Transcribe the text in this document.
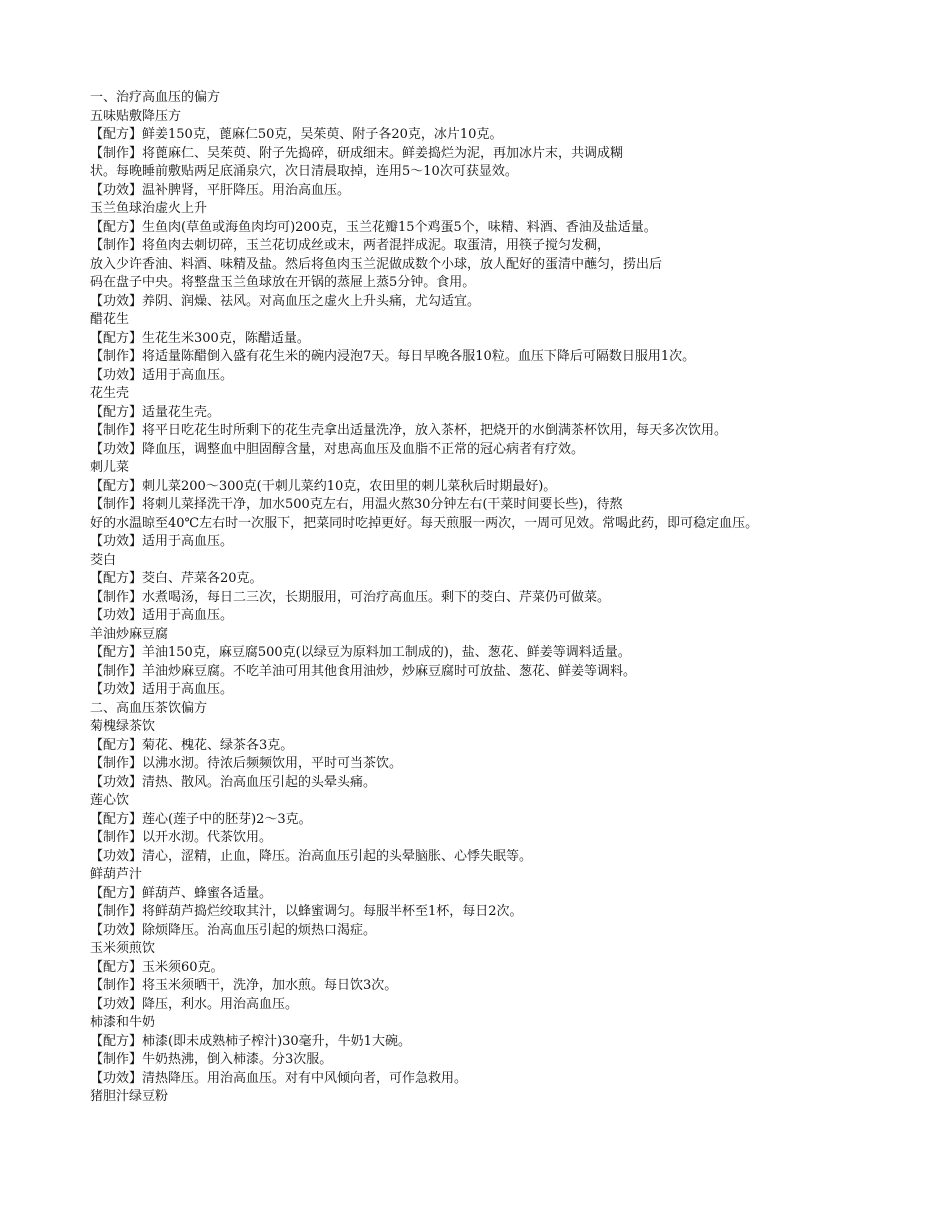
一、治疗高血压的偏方
五味贴敷降压方
【配方】鲜姜150克，蓖麻仁50克，吴茱萸、附子各20克，冰片10克。
【制作】将蓖麻仁、吴茱萸、附子先捣碎，研成细末。鲜姜捣烂为泥，再加冰片末，共调成糊
状。每晚睡前敷贴两足底涌泉穴，次日清晨取掉，连用5～10次可获显效。
【功效】温补脾肾，平肝降压。用治高血压。
玉兰鱼球治虚火上升
【配方】生鱼肉(草鱼或海鱼肉均可)200克，玉兰花瓣15个鸡蛋5个，味精、料酒、香油及盐适量。
【制作】将鱼肉去刺切碎，玉兰花切成丝或末，两者混拌成泥。取蛋清，用筷子搅匀发稠，
放入少许香油、料酒、味精及盐。然后将鱼肉玉兰泥做成数个小球，放人配好的蛋清中蘸匀，捞出后
码在盘子中央。将整盘玉兰鱼球放在开锅的蒸屉上蒸5分钟。食用。
【功效】养阴、润燥、祛风。对高血压之虚火上升头痛，尤勾适宜。
醋花生
【配方】生花生米300克，陈醋适量。
【制作】将适量陈醋倒入盛有花生米的碗内浸泡7天。每日早晚各服10粒。血压下降后可隔数日服用1次。
【功效】适用于高血压。
花生壳
【配方】适量花生壳。
【制作】将平日吃花生时所剩下的花生壳拿出适量洗净，放入茶杯，把烧开的水倒满茶杯饮用，每天多次饮用。
【功效】降血压，调整血中胆固醇含量，对患高血压及血脂不正常的冠心病者有疗效。
刺儿菜
【配方】刺儿菜200～300克(干刺儿菜约10克，农田里的刺儿菜秋后时期最好)。
【制作】将刺儿菜择洗干净，加水500克左右，用温火熬30分钟左右(干菜时间要长些)，待熬
好的水温晾至40℃左右时一次服下，把菜同时吃掉更好。每天煎服一两次，一周可见效。常喝此药，即可稳定血压。
【功效】适用于高血压。
茭白
【配方】茭白、芹菜各20克。
【制作】水煮喝汤，每日二三次，长期服用，可治疗高血压。剩下的茭白、芹菜仍可做菜。
【功效】适用于高血压。
羊油炒麻豆腐
【配方】羊油150克，麻豆腐500克(以绿豆为原料加工制成的)，盐、葱花、鲜姜等调料适量。
【制作】羊油炒麻豆腐。不吃羊油可用其他食用油炒，炒麻豆腐时可放盐、葱花、鲜姜等调料。
【功效】适用于高血压。
二、高血压茶饮偏方
菊槐绿茶饮
【配方】菊花、槐花、绿茶各3克。
【制作】以沸水沏。待浓后频频饮用，平时可当茶饮。
【功效】清热、散风。治高血压引起的头晕头痛。
莲心饮
【配方】莲心(莲子中的胚芽)2～3克。
【制作】以开水沏。代茶饮用。
【功效】清心，涩精，止血，降压。治高血压引起的头晕脑胀、心悸失眠等。
鲜葫芦汁
【配方】鲜葫芦、蜂蜜各适量。
【制作】将鲜葫芦捣烂绞取其汁，以蜂蜜调匀。每服半杯至1杯，每日2次。
【功效】除烦降压。治高血压引起的烦热口渴症。
玉米须煎饮
【配方】玉米须60克。
【制作】将玉米须晒干，洗净，加水煎。每日饮3次。
【功效】降压，利水。用治高血压。
柿漆和牛奶
【配方】柿漆(即未成熟柿子榨汁)30毫升，牛奶1大碗。
【制作】牛奶热沸，倒入柿漆。分3次服。
【功效】清热降压。用治高血压。对有中风倾向者，可作急救用。
猪胆汁绿豆粉
